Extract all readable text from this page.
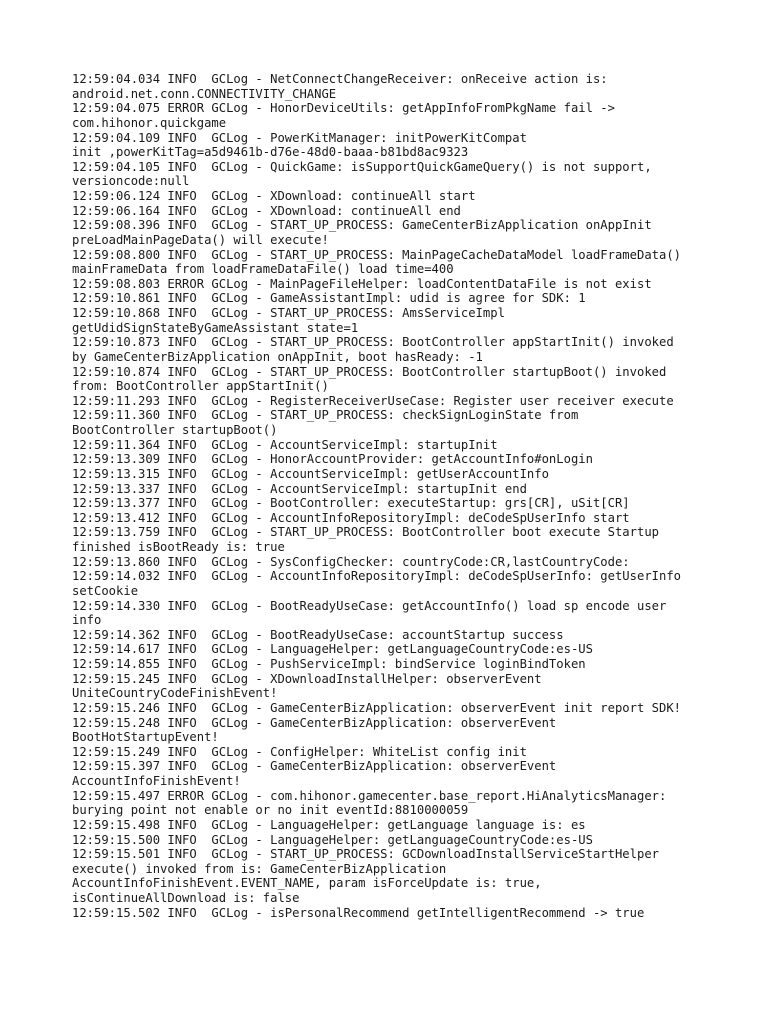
12:59:04.034 INFO  GCLog - NetConnectChangeReceiver: onReceive action is:
android.net.conn.CONNECTIVITY_CHANGE
12:59:04.075 ERROR GCLog - HonorDeviceUtils: getAppInfoFromPkgName fail ->
com.hihonor.quickgame
12:59:04.109 INFO  GCLog - PowerKitManager: initPowerKitCompat
init ,powerKitTag=a5d9461b-d76e-48d0-baaa-b81bd8ac9323
12:59:04.105 INFO  GCLog - QuickGame: isSupportQuickGameQuery() is not support,
versioncode:null
12:59:06.124 INFO  GCLog - XDownload: continueAll start
12:59:06.164 INFO  GCLog - XDownload: continueAll end
12:59:08.396 INFO  GCLog - START_UP_PROCESS: GameCenterBizApplication onAppInit
preLoadMainPageData() will execute!
12:59:08.800 INFO  GCLog - START_UP_PROCESS: MainPageCacheDataModel loadFrameData()
mainFrameData from loadFrameDataFile() load time=400
12:59:08.803 ERROR GCLog - MainPageFileHelper: loadContentDataFile is not exist
12:59:10.861 INFO  GCLog - GameAssistantImpl: udid is agree for SDK: 1
12:59:10.868 INFO  GCLog - START_UP_PROCESS: AmsServiceImpl
getUdidSignStateByGameAssistant state=1
12:59:10.873 INFO  GCLog - START_UP_PROCESS: BootController appStartInit() invoked
by GameCenterBizApplication onAppInit, boot hasReady: -1
12:59:10.874 INFO  GCLog - START_UP_PROCESS: BootController startupBoot() invoked
from: BootController appStartInit()
12:59:11.293 INFO  GCLog - RegisterReceiverUseCase: Register user receiver execute
12:59:11.360 INFO  GCLog - START_UP_PROCESS: checkSignLoginState from
BootController startupBoot()
12:59:11.364 INFO  GCLog - AccountServiceImpl: startupInit
12:59:13.309 INFO  GCLog - HonorAccountProvider: getAccountInfo#onLogin
12:59:13.315 INFO  GCLog - AccountServiceImpl: getUserAccountInfo
12:59:13.337 INFO  GCLog - AccountServiceImpl: startupInit end
12:59:13.377 INFO  GCLog - BootController: executeStartup: grs[CR], uSit[CR]
12:59:13.412 INFO  GCLog - AccountInfoRepositoryImpl: deCodeSpUserInfo start
12:59:13.759 INFO  GCLog - START_UP_PROCESS: BootController boot execute Startup
finished isBootReady is: true
12:59:13.860 INFO  GCLog - SysConfigChecker: countryCode:CR,lastCountryCode:
12:59:14.032 INFO  GCLog - AccountInfoRepositoryImpl: deCodeSpUserInfo: getUserInfo
setCookie
12:59:14.330 INFO  GCLog - BootReadyUseCase: getAccountInfo() load sp encode user
info
12:59:14.362 INFO  GCLog - BootReadyUseCase: accountStartup success
12:59:14.617 INFO  GCLog - LanguageHelper: getLanguageCountryCode:es-US
12:59:14.855 INFO  GCLog - PushServiceImpl: bindService loginBindToken
12:59:15.245 INFO  GCLog - XDownloadInstallHelper: observerEvent
UniteCountryCodeFinishEvent!
12:59:15.246 INFO  GCLog - GameCenterBizApplication: observerEvent init report SDK!
12:59:15.248 INFO  GCLog - GameCenterBizApplication: observerEvent
BootHotStartupEvent!
12:59:15.249 INFO  GCLog - ConfigHelper: WhiteList config init
12:59:15.397 INFO  GCLog - GameCenterBizApplication: observerEvent
AccountInfoFinishEvent!
12:59:15.497 ERROR GCLog - com.hihonor.gamecenter.base_report.HiAnalyticsManager:
burying point not enable or no init eventId:8810000059
12:59:15.498 INFO  GCLog - LanguageHelper: getLanguage language is: es
12:59:15.500 INFO  GCLog - LanguageHelper: getLanguageCountryCode:es-US
12:59:15.501 INFO  GCLog - START_UP_PROCESS: GCDownloadInstallServiceStartHelper
execute() invoked from is: GameCenterBizApplication
AccountInfoFinishEvent.EVENT_NAME, param isForceUpdate is: true,
isContinueAllDownload is: false
12:59:15.502 INFO  GCLog - isPersonalRecommend getIntelligentRecommend -> true
